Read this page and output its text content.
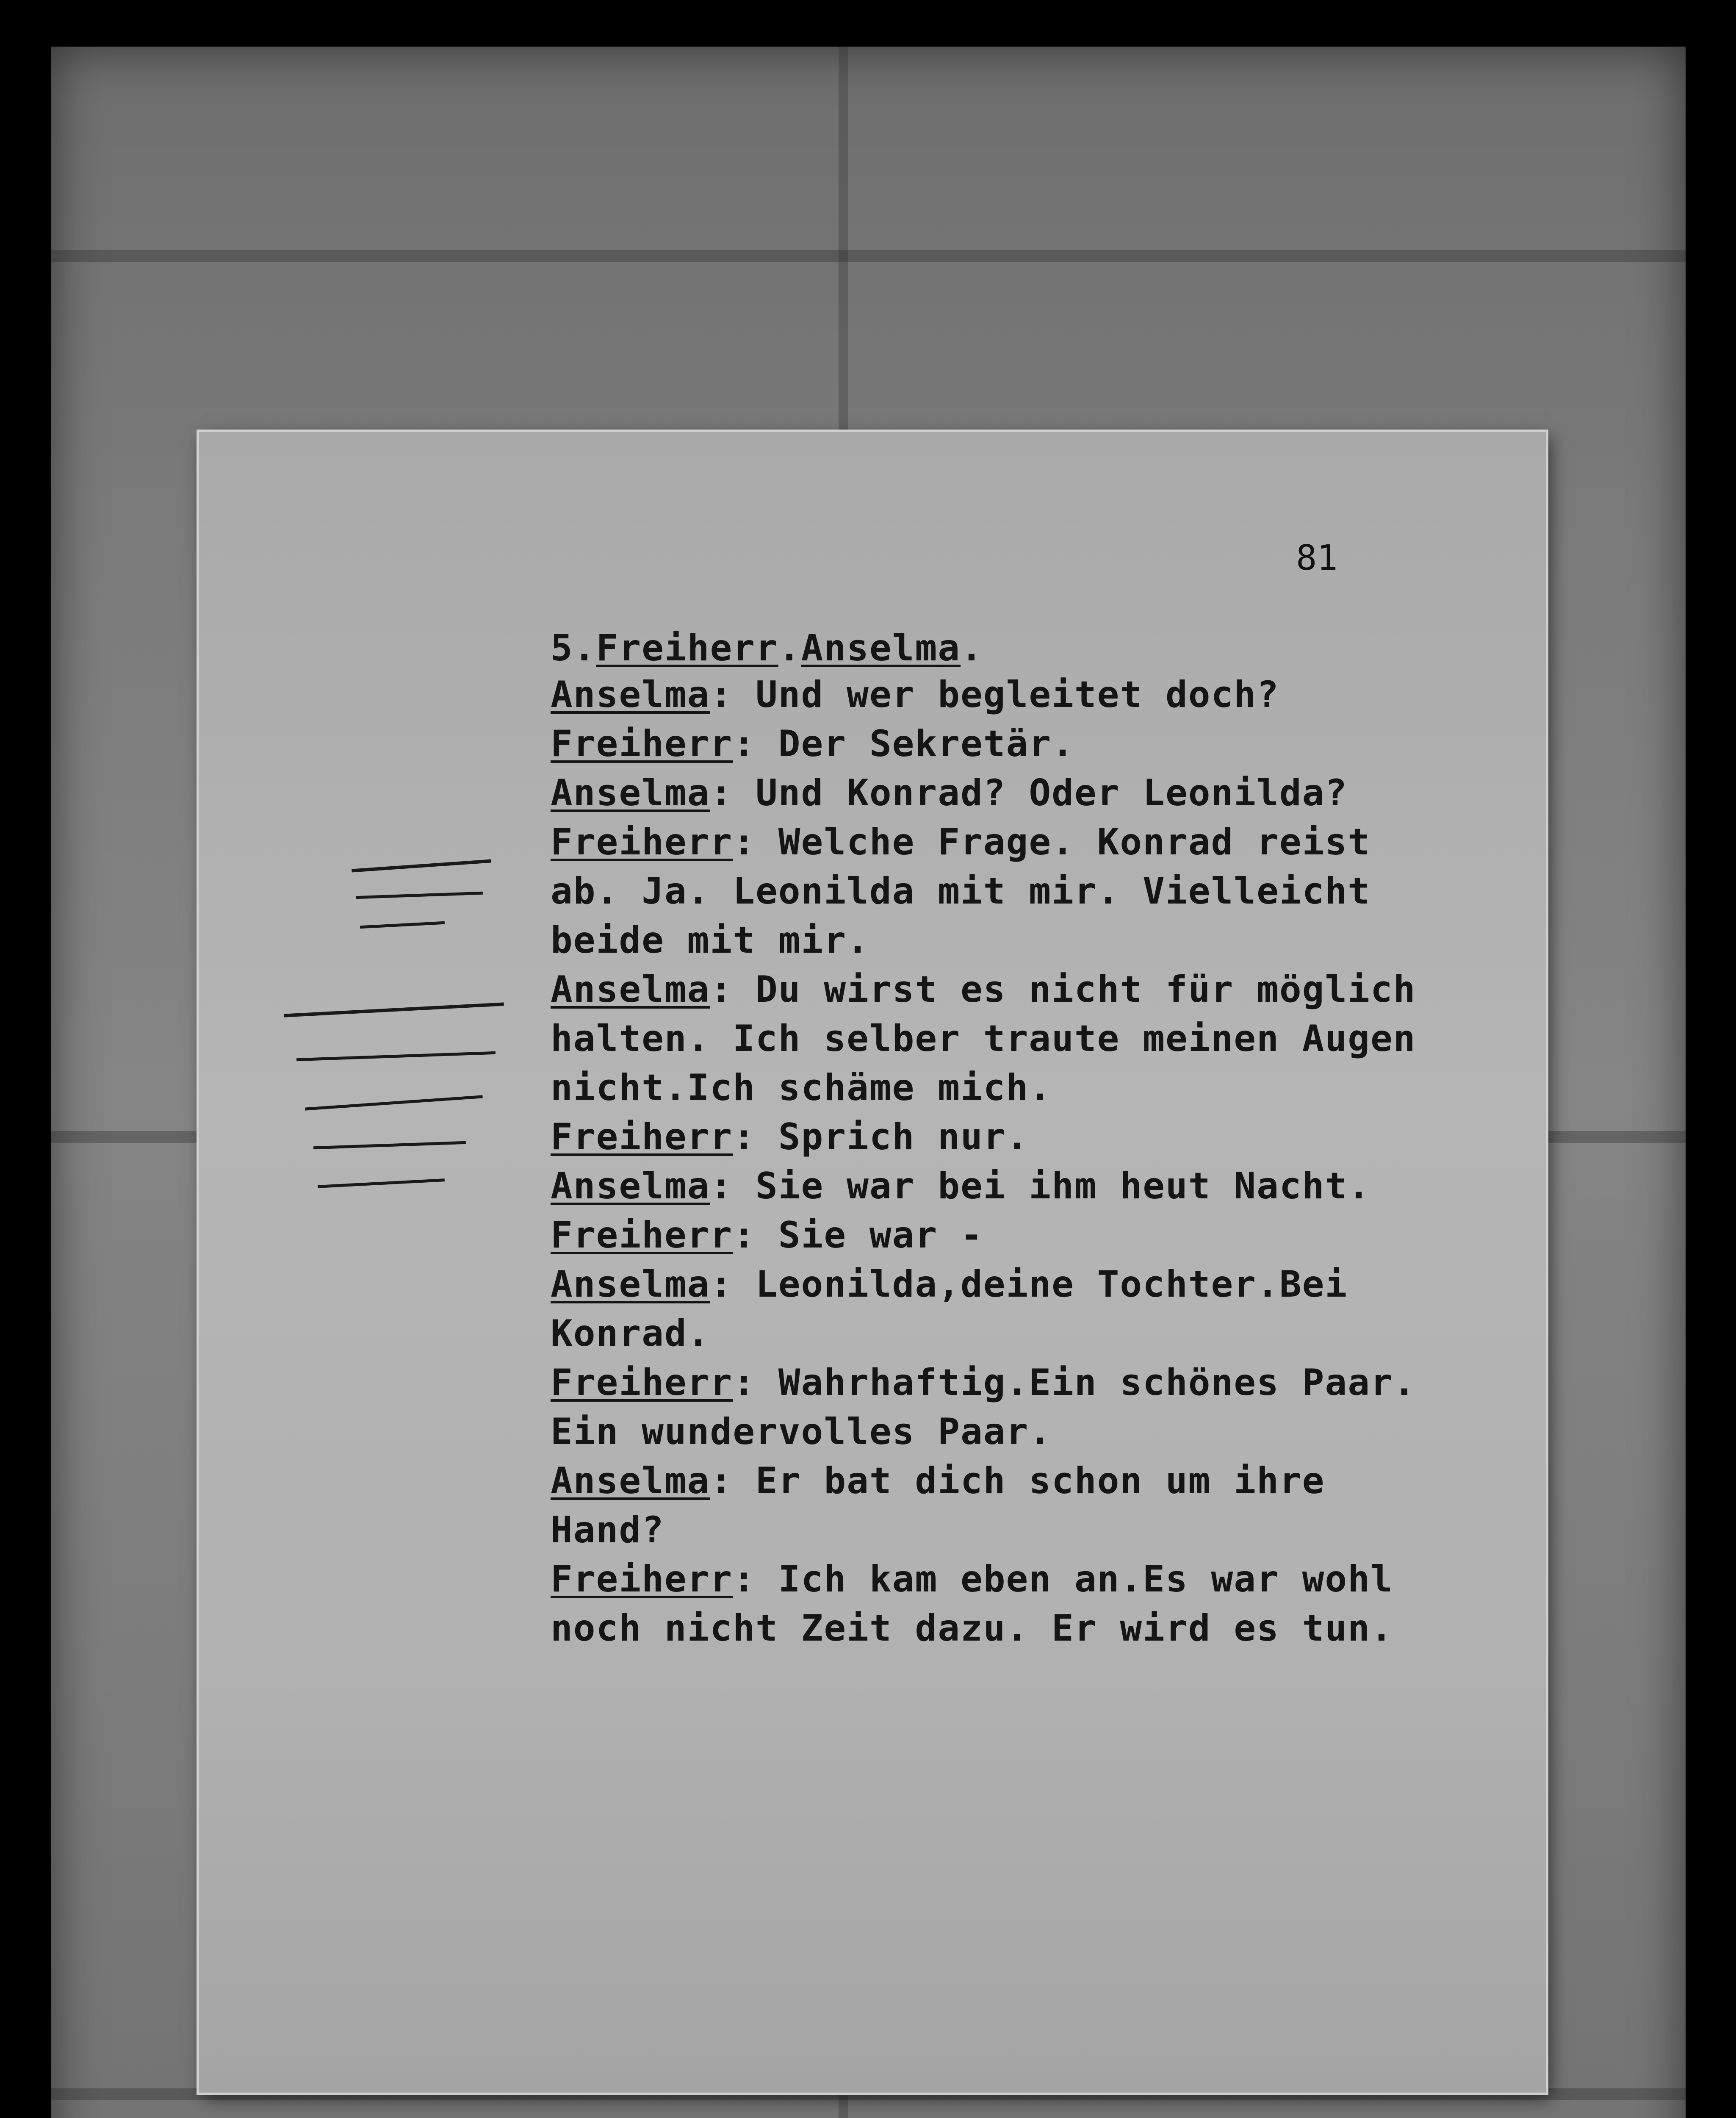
81
5.Freiherr.Anselma.
Anselma: Und wer begleitet doch?
Freiherr: Der Sekretär.
Anselma: Und Konrad? Oder Leonilda?
Freiherr: Welche Frage. Konrad reist
ab. Ja. Leonilda mit mir. Vielleicht
beide mit mir.
Anselma: Du wirst es nicht für möglich
halten. Ich selber traute meinen Augen
nicht.Ich schäme mich.
Freiherr: Sprich nur.
Anselma: Sie war bei ihm heut Nacht.
Freiherr: Sie war -
Anselma: Leonilda,deine Tochter.Bei
Konrad.
Freiherr: Wahrhaftig.Ein schönes Paar.
Ein wundervolles Paar.
Anselma: Er bat dich schon um ihre
Hand?
Freiherr: Ich kam eben an.Es war wohl
noch nicht Zeit dazu. Er wird es tun.
